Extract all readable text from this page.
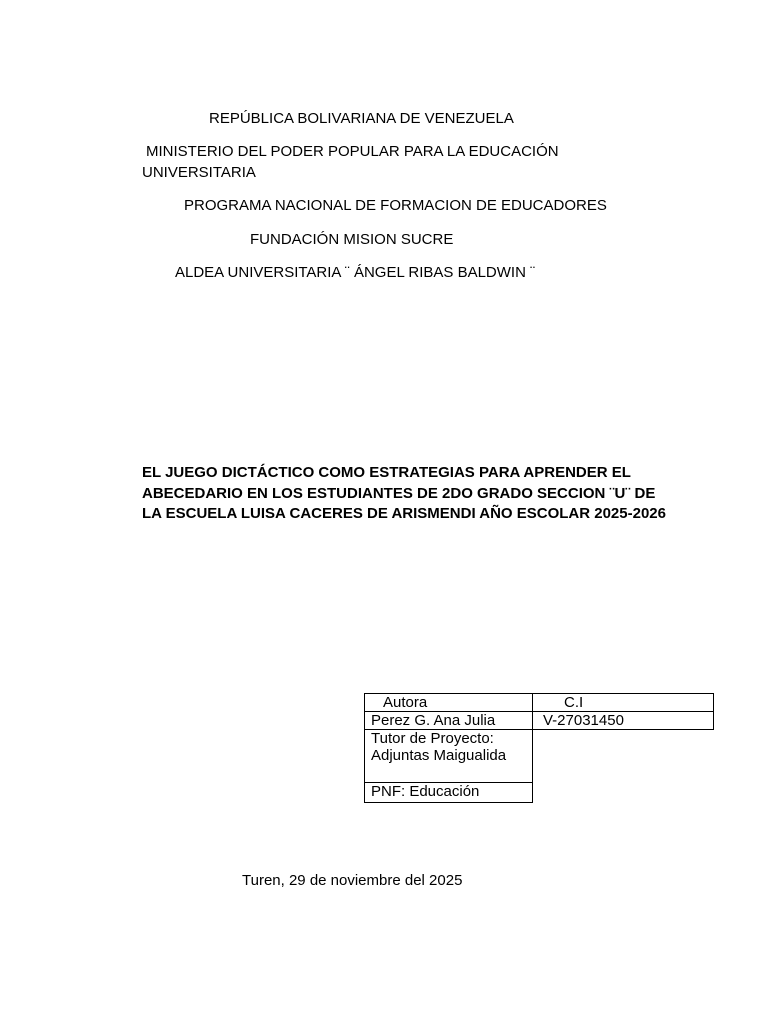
REPÚBLICA BOLIVARIANA DE VENEZUELA
MINISTERIO DEL PODER POPULAR PARA LA EDUCACIÓN
UNIVERSITARIA
PROGRAMA NACIONAL DE FORMACION DE EDUCADORES
FUNDACIÓN MISION SUCRE
ALDEA UNIVERSITARIA ¨ ÁNGEL RIBAS BALDWIN ¨
EL JUEGO DICTÁCTICO COMO ESTRATEGIAS PARA APRENDER EL ABECEDARIO EN LOS ESTUDIANTES DE 2DO GRADO SECCION ¨U¨ DE LA ESCUELA LUISA CACERES DE ARISMENDI AÑO ESCOLAR 2025-2026
Autora	C.I
Perez G. Ana Julia	V-27031450

Tutor de Proyecto:
Adjuntas Maigualida	

PNF: Educación	
Turen, 29 de noviembre del 2025
